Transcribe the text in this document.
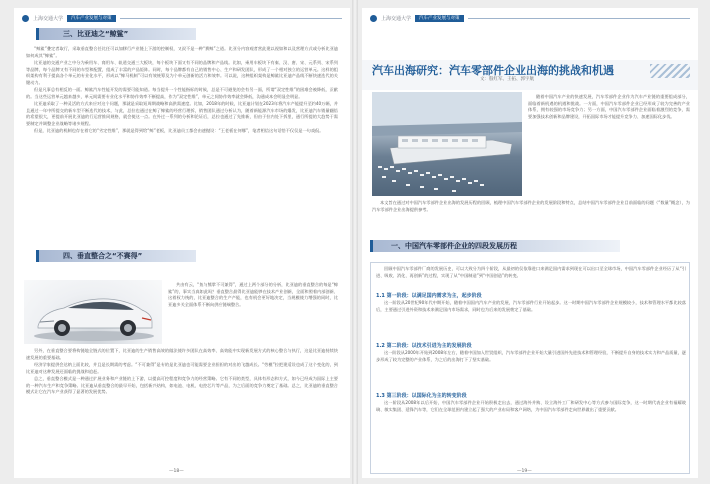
上海交通大学	汽车产业发展与对策
三、比亚迪之“鲸鲨”

“鲸鲨”叠定者取行，采取垂直整合任比任可以加移行产业链上下游的控制权，又叔不是一种“赛鲸”之道。比亚分内容观者营此建以视如和以及营理方式或分析比亚迪如何成其“鲸鲨”。

比亚迪的交通产业之中分为乘用车、商用车、轨道交通三大板块，每个板块下面又有不同的品牌和产品线。比如，乘用车板块下有秦、汉、唐、宋、元系列、宋系列等品牌，每个品牌又有不同的车型和配置，组成了丰富的产品矩阵。同时，每个品牌都有自己的销售中心、生产和研发团队，形成了一个相对独立的运营单元。这样的组织架构有利于提高各个单元的专业化水平，形成以“鲸马机制”可以有效统筹及为个单元创新的活力和效率。可以说，这种组织架构是鲸鲨比亚迪产品线不断快速迭代的关键动力。

但是凡事总有相反的一面。鲸鲨汽车性能开发的需要可能知道。每当提升一个性能指标的时候，总是不可避免的会有另一面，所谓“双定性维”的困难会被降低，贡献的。当这些运营单元越来越多，单元间需要专业化水平和协作效率不断提高，作为“双定性维”，单元之间协作效率就会降低，沟通成本会明显会明显。

比亚迪采取了一种灵活的方式来应对这个问题，那就是采取短周期战略和高供需速度。比如，2018年的时候，比亚迪计划在2023年将汽车产能提升至约40万辆，并且通过一年中所提交的新车型不断迭代的技术，与此，总拉也通过在鲸了鲸鲨的经营行理拆，销售团队通过分析认为，随着新能源汽车市场的爆发，比亚迪汽车销量翻倍的希望很大，更提前开展比亚迪的行运营推同规格，就会使这一点。在外过一系列的分析和论证后，总拉也通过了先推新，但由于拉内处下拆里，通行所提的大趋势于需要制定并调整企业战略等诸多规程。

但是，比亚迪的机制也存在着它的“劣定性维”，那就是得到给“鲸”老板，比亚迪员工都会由速抛设：“王老板在何哪”，笔者相信这句话恰不仅仅是一句戏侃。

四、垂直整合之“不赛得”

共由有云，“鱼与熊掌不可兼得”，通过上两个部分的分析，比亚迪的垂直整合的每是“鲸鲨”的，事实当真如此吗？垂直整合最得比亚迪能够在技术产业创新，全面和照着内部创新、这着权力统的，比亚迪整合的生产产能，也有机会更好地决定，当规模使力增强的同时，比亚迪多关全面体系不断向供应链端整合。

另外，在垂直整合要将构链地全链式的位置下，比亚迪的生产销售高效的做法使许多团队在高效率、高效能中实现新发展方式的核心整合与执行，这是比亚迪持续快速发展的重要基础。

经济学家提供会达纳上面比较，并且是长期需的考虑。“不可兼得”是专的是比亚迪也可能需要企业担担的对出的飞越成长。“劳模”拉把建适设也成了这个变化的，到比亚迪对这种发展还面临的挑战和追赶。

总之，垂直整合模式是一种通过扩展业务和产业链的上下游，以提高可控程度和竞争力的经营策略。它有不同的类型，具体有形态和方式，如今已经成为国际上主要的一种汽车生产和竞争策略。比亚迪从垂直整合的最早开始，包括新兴结构，如电池、电机、电控芯片等产品，为之后面的竞争力奠定了基础。总之，比亚迪的垂直整合模式让它在汽车产业获得了显著的发展优势。

—18—
上海交通大学	汽车产业发展与对策
汽车出海研究：汽车零部件企业出海的挑战和机遇
文：殷红军、王拓、郭宇航

随着中国汽车产业的快速发展，汽车零部件企业作为汽车产业链的重要组成部分，面临着新机遇的机遇和挑战。一方面，中国汽车零部件企业已经形成了较为完善的产业体系，拥有较强的市场竞争力；另一方面，中国汽车零部件企业面临着激烈的竞争，需要加强技术创新和品牌建设，开拓国际市场才能提升竞争力、加速国际化步伐。

本文旨在通过对中国汽车零部件企业出海的发展历程的回顾，梳理中国汽车零部件企业的发展阶段和特点，总结中国汽车零部件企业目前面临的问题（“数量”概念），为汽车零部件企业出海提供参考。

一、中国汽车零部件企业的四段发展历程

回顾中国汽车零部件厂商的发展历史，可以大致分为四个阶段，从最初的仅依靠进口来满足国内需求到现在可以出口至全球市场，中国汽车零部件企业经历了从“引进、吸收、消化、再创新”的过程，实现了从“中国制造”到“中国创造”的转变。

1.1 第一阶段：以满足国内需求为主，起步阶段

这一阶段从20世纪90年代中期开始，随着中国国内汽车产业的发展，汽车零部件行业开始起步。这一时期中国汽车零部件企业规模较小，技术和管理水平都比较落后，主要通过引进外资和技术来满足国内市场需求，同时也为后来的发展奠定了基础。

1.2 第二阶段：以技术引进为主的发展阶段

这一阶段从2000年开始到2008年左右，随着中国加入世贸组织，汽车零部件企业开始大量引进国外先进技术和管理经验，不断提升自身的技术实力和产品质量，逐步形成了较为完整的产业体系，为之后的出海打下了坚实基础。

1.3 第三阶段：以国际化为主的转变阶段

这一阶段从2008年以后开始，中国汽车零部件企业开始积极走出去，通过海外并购、设立海外工厂和研发中心等方式参与国际竞争，这一时期代表企业有福耀玻璃、敏实集团、延锋汽车等，它们在全球范围内建立起了强大的产业布局和客户网络，为中国汽车零部件走向世界做出了重要贡献。

—19—
